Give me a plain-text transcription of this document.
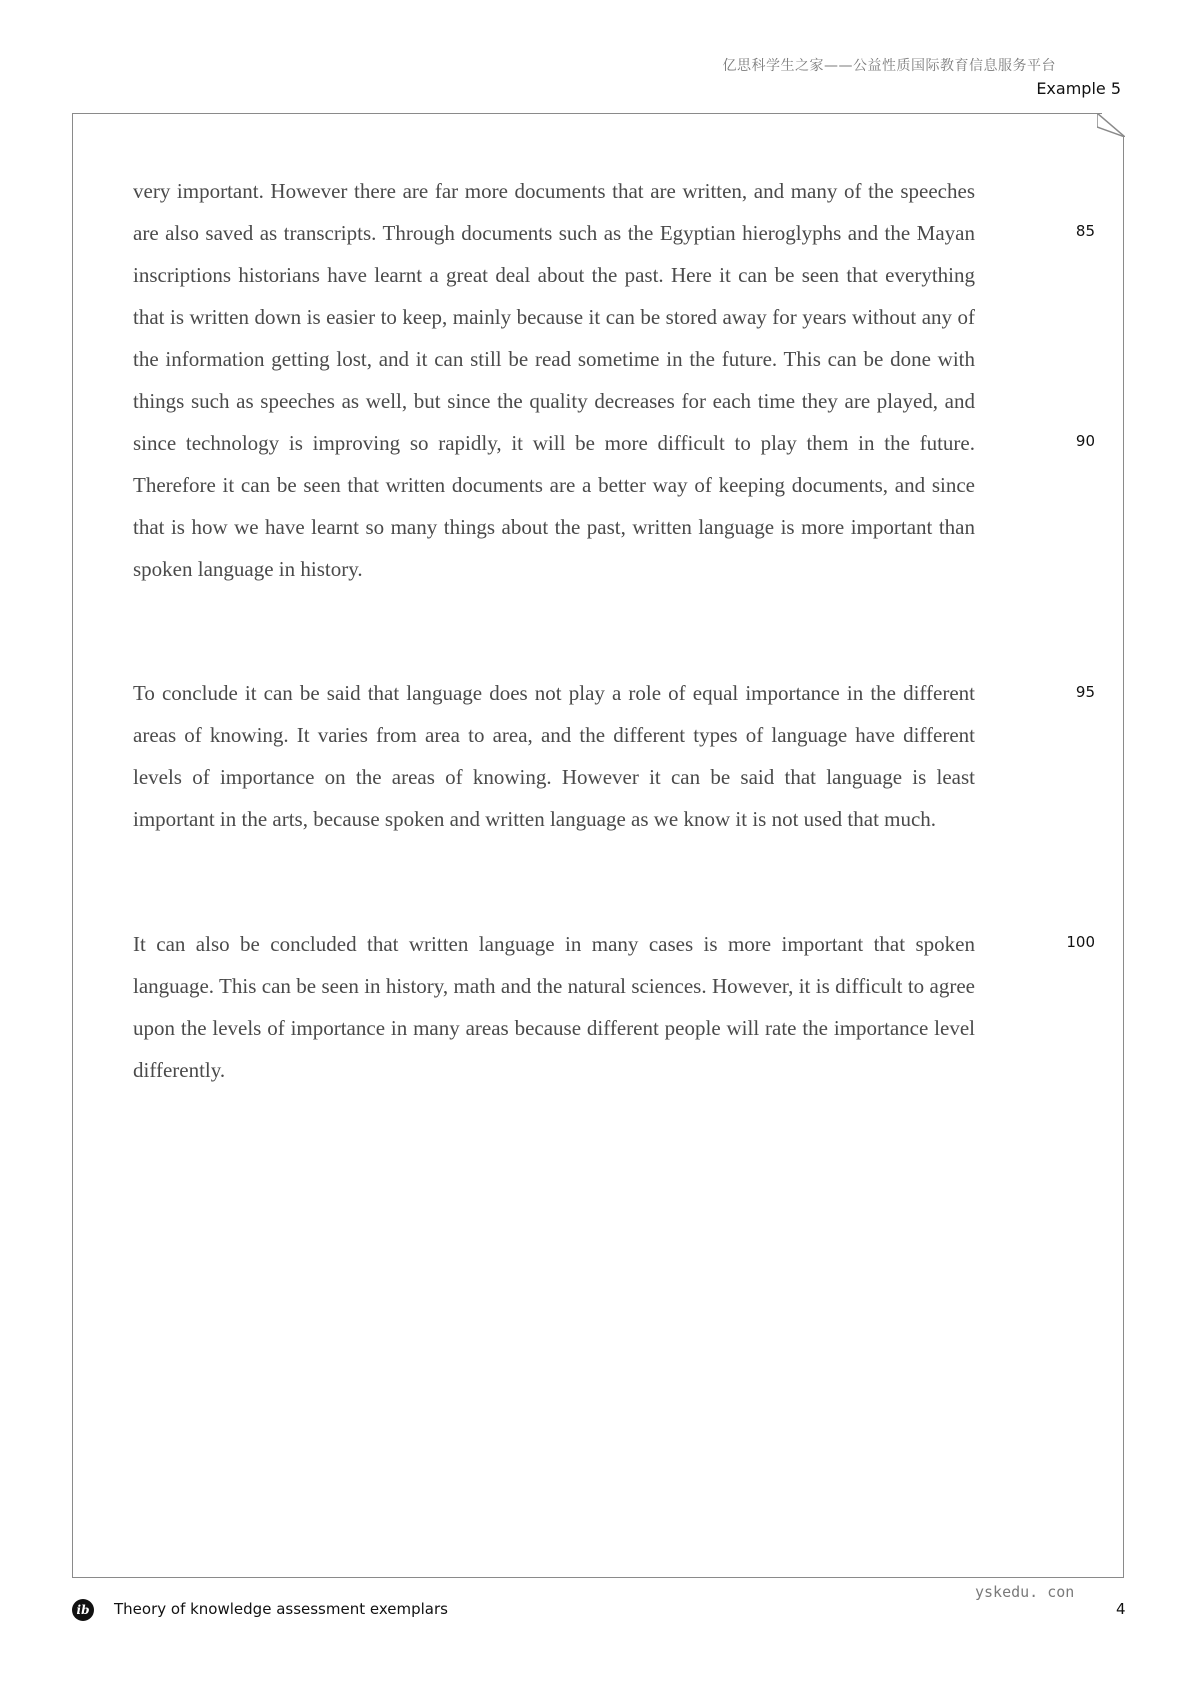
亿思科学生之家——公益性质国际教育信息服务平台
Example 5
very important. However there are far more documents that are written, and many of the speeches are also saved as transcripts. Through documents such as the Egyptian hieroglyphs and the Mayan inscriptions historians have learnt a great deal about the past. Here it can be seen that everything that is written down is easier to keep, mainly because it can be stored away for years without any of the information getting lost, and it can still be read sometime in the future. This can be done with things such as speeches as well, but since the quality decreases for each time they are played, and since technology is improving so rapidly, it will be more difficult to play them in the future. Therefore it can be seen that written documents are a better way of keeping documents, and since that is how we have learnt so many things about the past, written language is more important than spoken language in history.
To conclude it can be said that language does not play a role of equal importance in the different areas of knowing. It varies from area to area, and the different types of language have different levels of importance on the areas of knowing. However it can be said that language is least important in the arts, because spoken and written language as we know it is not used that much.
It can also be concluded that written language in many cases is more important that spoken language. This can be seen in history, math and the natural sciences. However, it is difficult to agree upon the levels of importance in many areas because different people will rate the importance level differently.
85
90
95
100
ib	Theory of knowledge assessment exemplars
yskedu. con
4
